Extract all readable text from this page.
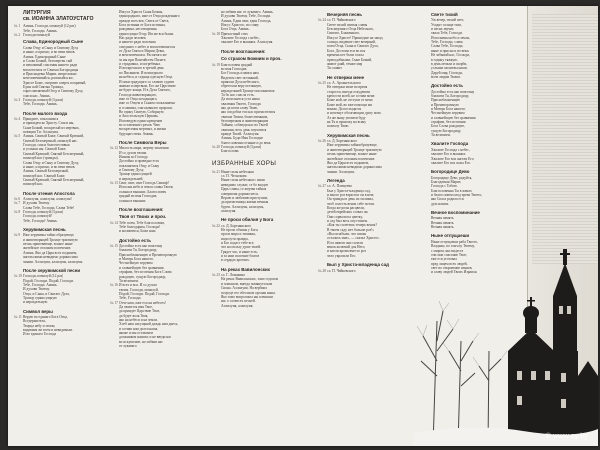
ЛИТУРГИЯ
св. ИОАННА ЗЛАТОУСТАГО
№ 1 Аминь. Господи, помилуй (12 раз)
Тебе, Господи. Аминь.
№ 2 Господи помилуй
Слава, Единородный Сыне
Слава Отцу и Сыну и Святому Духу
и ныне, и присно, и во веки веков.
Аминь. Единородный Сыне
и Слово Божий, безсмертен сый
и изволивый спасения нашего ради
воплотитися от Святыя Богородицы
и Приснодевы Марии, непреложно
вочеловечивыйся, распныйся же,
Христе Боже, смертию смерть поправый,
Един сый Святыя Троицы,
спрославляемый Отцу и Святому Духу,
спаси нас. Аминь.
№ 3 Господи, помилуй (3 раза)
Тебе, Господи. Аминь.
После малого входа
№ 4 Приидите, поклонимся
и припадем ко Христу. Спаси ны,
Сыне Божий, воскресый из мертвых,
поющия Ти: Аллилуия.
№ 5 Аминь. Святый Боже, Святый Крепкий,
Святый Безсмертный, помилуй нас.
Господи, спаси благочестивыя
и услыши ны. Святый Боже,
Святый Крепкий, Святый Безсмертный,
помилуй нас (трижды).
Слава Отцу и Сыну и Святому Духу,
и ныне, и присно, и во веки веков.
Аминь. Святый Безсмертный,
помилуй нас. Святый Боже,
Святый Крепкий, Святый Безсмертный,
помилуй нас.
После чтения Апостола
№ 6 Аллилуия, аллилуия, аллилуия!
№ 7 И духови Твоему.
Слава Тебе, Господи, Слава Тебе!
№ 8 Господи, помилуй (3 раза)
Господи, помилуй!
Тебе, Господи! Аминь.
Херувимская песнь
№ 9 Иже херувимы тайно образующе,
и животворящей Троице трисвятую
песнь припевающе, всякое ныне
житейское отложим попечение.
Аминь. Яко да Царя всех подымем,
ангельскими невидимо дориносима
чинми. Аллилуия, аллилуия, аллилуия.
После херувимской песни
№ 10 Господи, помилуй (12 раз)
Подай, Господи. Подай, Господи.
Тебе, Господи. Аминь.
И духови Твоему.
Отца, и Сына, и Святаго Духа,
Троицу единосущную
и нераздельную.
Символ веры
№ 11 Верую во единаго Бога Отца,
Вседержителя,
Творца небу и земли,
видимым же всем и невидимым.
И во единаго Господа
Иисуса Христа Сына Божия,
единороднаго, иже от Отца рожденнаго
прежде всех век. Света от Света,
Бога истинна от Бога истинна,
рожденна, несотворенна,
единосущна Отцу, Им же вся быша.
Нас ради человек
и нашего ради спасения
сшедшаго с небес и воплотившагося
от Духа Свята и Марии Девы,
и вочеловечшася. Распятаго же
за ны при Понтийстем Пилате,
и страдавша, и погребенна.
И воскресшаго в третий день
по Писанием. И возшедшаго
на небеса, и седяща одесную Отца.
И паки грядущаго со славою судити
живым и мертвым, Его же Царствию
не будет конца. И в Духа Святаго,
Господа животворящаго,
иже от Отца исходящаго,
иже со Отцем и Сыном спокланяема
и сславима, глаголавшаго пророки.
Во едину Святую, Соборную
и Апостольскую Церковь.
Исповедую едино крещение
во оставление грехов. Чаю
воскресения мертвых, и жизни
будущаго века. Аминь.
После Символа Веры
№ 12 Милость мира, жертву хваления.
И со духом твоим.
Имамы ко Господу.
Достойно и праведно есть
покланятися Отцу и Сыну
и Святому Духу,
Троице единосущней
и нераздельней.
№ 13 Свят, свят, свят Господь Саваоф!
Исполнь небо и земля славы Твоея;
осанна в вышних. Благословен
грядый во имя Господне,
осанна в вышних.
После возглашения:
Твоя от Твоих и проч.
№ 14 Тебе поем, Тебе благословим,
Тебе благодарим, Господи!
и молимтися, Боже наш.
Достойно есть
№ 15 Достойно есть яко воистину
блажити Тя, Богородицу,
Присноблаженную и Пренепорочную
и Матерь Бога нашего.
Честнейшую херувим
и славнейшую без сравнения
серафим, без истления Бога Слова
рождшую, сущую Богородицу,
Тя величаем.
№ 16 И всех и вся. И со духом
твоим. Господи, помилуй.
Подай, Господи. Подай, Господи.
Тебе, Господи.
№ 17 Отче наш, иже еси на небесех!
Да святится имя Твое,
да приидет Царствие Твое,
да будет воля Твоя,
яко на небеси и на земли.
Хлеб наш насущный даждь нам днесь,
и остави нам долги наша,
якоже и мы оставляем
должником нашим; и не введи нас
во искушение, но избави нас
от лукаваго.
но избави нас от лукаваго. Аминь.
И духови Твоему. Тебе, Господи.
Аминь. Един свят, един Господь,
Иисус Христос, во славу
Бога Отца. Аминь.
№ 18 Причастный стих
Хвалите Господа с небес,
хвалите Его в вышних. Аллилуия.
После возглашения:
Со страхом Божиим и проч.
№ 19 Благословен грядый
во имя Господне,
Бог Господь и явися нам.
Видехом свет истинный,
прияхом Духа небеснаго,
обретохом веру истинную,
нераздельней Троице поклоняемся:
Та бо нас спасла есть.
Да исполнятся уста наша
хваления Твоего, Господи,
яко да поем славу Твою,
яко сподобил еси нас причаститися
святым Твоим, божественным,
безсмертным и животворящим
Тайнам; соблюди нас во Твоей
святыни, весь день поучатися
правде Твоей. Аллилуия.
Аминь. Буди Имя Господне
благословенно отныне и до века.
№ 20 Господи, помилуй (3 раза)
Благослови.
ИЗБРАННЫЕ ХОРЫ
№ 21 Ныне силы небесныя
сл. П. Чеснокова
Ныне силы небесныя с нами
невидимо служат, се бо входит
Царь славы, се жертва тайная
совершена дориносится.
Верою и любовию приступим,
да причастницы жизни вечныя
будем. Аллилуия, аллилуия,
аллилуия.
Не проси обилия у Бога
№ 22 сл. Д. Бортнянского
Не проси обилия у Бога,
проси мира и тишины,
ищи пути правды,
и Бог подаст тебе все,
что на пользу душе твоей.
Грядет час, и ныне есть,
и за ним спасение благое
в сердцах кротких.
На реках Вавилонских
№ 23 сл. Г. Ломакина
На реках Вавилонских, тамо седохом
и плакахом, внегда помянути нам
Сиона. Аллилуия. На вербиих
посреде его обесихом органы наша.
Яко тамо вопросиша ны пленшии
нас о словесех песней.
Аллилуия, аллилуия.
Вечерняя песнь
№ 24 сл. П. Чайковского
Свете тихий святыя славы
Безсмертнаго Отца Небеснаго,
Святаго, Блаженнаго,
Иисусе Христе! Пришедше на запад
солнца, видевше свет вечерний,
поем Отца, Сына и Святаго Духа,
Бога. Достоин еси во вся
времена пет быти гласы
преподобными, Сыне Божий,
живот даяй, темже мир
Тя славит.
Не отвержи мене
№ 25 сл. А. Архангельского
Не отвержи мене во время
старости, внегда оскудевати
крепости моей, не остави мене.
Боже мой, не отступи от мене,
Боже мой, во еже помощи ми
вонми. Да постыдятся
и исчезнут оболгающии душу мою.
Аз же выну уповати буду
на Тя и приложу на всяку
похвалу Твою.
Херувимская песнь
№ 26 сл. Д. Бортнянского
Иже херувимы тайнообразующе,
и животворящей Троице трисвятую
песнь припевающе, всякое ныне
житейское отложим попечение.
Яко да Царя всех подымем,
ангельскими невидимо дориносима
чинми. Аллилуия.
Легенда
№ 27 сл. А. Плещеева
Был у Христа-младенца сад,
и много роз взрастил он в нем;
Он трижды в день их поливал,
чтоб сплесть венок себе потом.
Когда же розы расцвели,
детей еврейских созвал он;
Они сорвали по цветку,
и сад был весь опустошен.
«Как ты сплетешь теперь венок?
В твоем саду нет больше роз!»
«Вы позабыли, что шипы
остались мне», — сказал Христос.
И из шипов они сплели
венок колючий для Него,
и капли крови вместо роз
чело украсили Его.
Был у Христа-младенца сад
№ 28 сл. П. Чайковского
Свете тихий
Уж вечер, тихий свет,
Уходит солнце тихо,
и песнь звучит,
хвала Тебе, Господи.
Исполнены небо и земля,
Тебе, Господи, слава.
Слава Тебе, Господи,
ныне и присно и во веки.
Не забывай нас, Господи,
в годину тяжкую,
в день печали и скорби,
услыши молитвы наши.
Даруй мир, Господи,
всем людям Твоим.
Достойно есть
Достойно есть яко воистину
блажити Тя, Богородицу,
Присноблаженную
и Пренепорочную
и Матерь Бога нашего.
Честнейшую херувим
и славнейшую без сравнения
серафим, без истления
Бога Слова рождшую,
сущую Богородицу,
Тя величаем.
Хвалите Господа
Хвалите Господа с небес,
хвалите Его в вышних.
Хвалите Его вси ангели Его,
хвалите Его вся силы Его.
Богородице Дево
Богородице Дево, радуйся,
Благодатная Марие,
Господь с Тобою.
Благословенна Ты в женах
и благословен плод чрева Твоего,
яко Спаса родила еси
душ наших.
Вечное воспоминание
Вечная память.
Вечная память.
Вечная память.
Ныне отпущаеши
Ныне отпущаеши раба Твоего,
Владыко, по глаголу Твоему,
с миром; яко видеста
очи мои спасение Твое,
еже еси уготовал
пред лицем всех людей,
свет во откровение языков,
и славу людей Твоих Израиля.
© www.ay.by
